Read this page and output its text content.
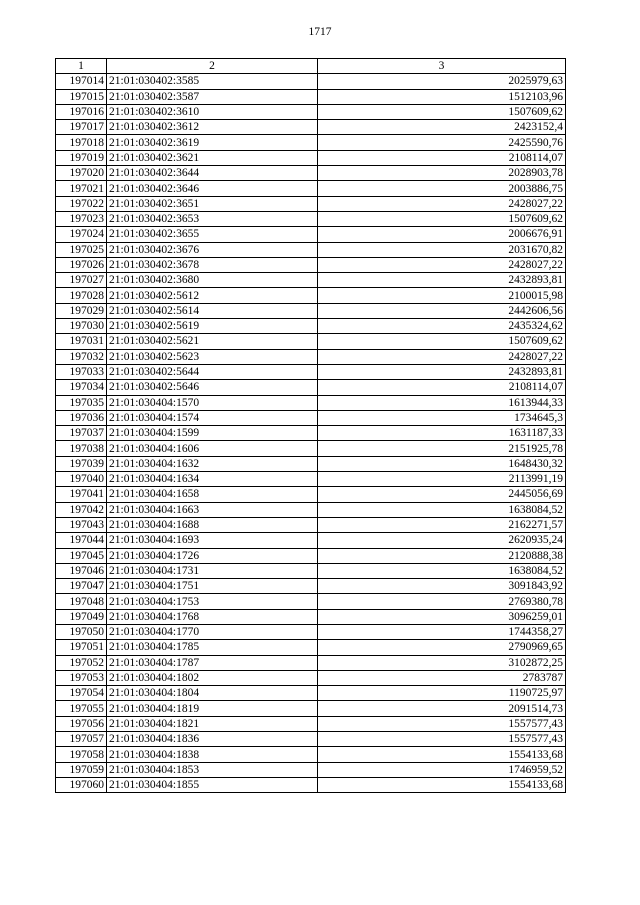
1717
1	2	3
197014	21:01:030402:3585	2025979,63
197015	21:01:030402:3587	1512103,96
197016	21:01:030402:3610	1507609,62
197017	21:01:030402:3612	2423152,4
197018	21:01:030402:3619	2425590,76
197019	21:01:030402:3621	2108114,07
197020	21:01:030402:3644	2028903,78
197021	21:01:030402:3646	2003886,75
197022	21:01:030402:3651	2428027,22
197023	21:01:030402:3653	1507609,62
197024	21:01:030402:3655	2006676,91
197025	21:01:030402:3676	2031670,82
197026	21:01:030402:3678	2428027,22
197027	21:01:030402:3680	2432893,81
197028	21:01:030402:5612	2100015,98
197029	21:01:030402:5614	2442606,56
197030	21:01:030402:5619	2435324,62
197031	21:01:030402:5621	1507609,62
197032	21:01:030402:5623	2428027,22
197033	21:01:030402:5644	2432893,81
197034	21:01:030402:5646	2108114,07
197035	21:01:030404:1570	1613944,33
197036	21:01:030404:1574	1734645,3
197037	21:01:030404:1599	1631187,33
197038	21:01:030404:1606	2151925,78
197039	21:01:030404:1632	1648430,32
197040	21:01:030404:1634	2113991,19
197041	21:01:030404:1658	2445056,69
197042	21:01:030404:1663	1638084,52
197043	21:01:030404:1688	2162271,57
197044	21:01:030404:1693	2620935,24
197045	21:01:030404:1726	2120888,38
197046	21:01:030404:1731	1638084,52
197047	21:01:030404:1751	3091843,92
197048	21:01:030404:1753	2769380,78
197049	21:01:030404:1768	3096259,01
197050	21:01:030404:1770	1744358,27
197051	21:01:030404:1785	2790969,65
197052	21:01:030404:1787	3102872,25
197053	21:01:030404:1802	2783787
197054	21:01:030404:1804	1190725,97
197055	21:01:030404:1819	2091514,73
197056	21:01:030404:1821	1557577,43
197057	21:01:030404:1836	1557577,43
197058	21:01:030404:1838	1554133,68
197059	21:01:030404:1853	1746959,52
197060	21:01:030404:1855	1554133,68
